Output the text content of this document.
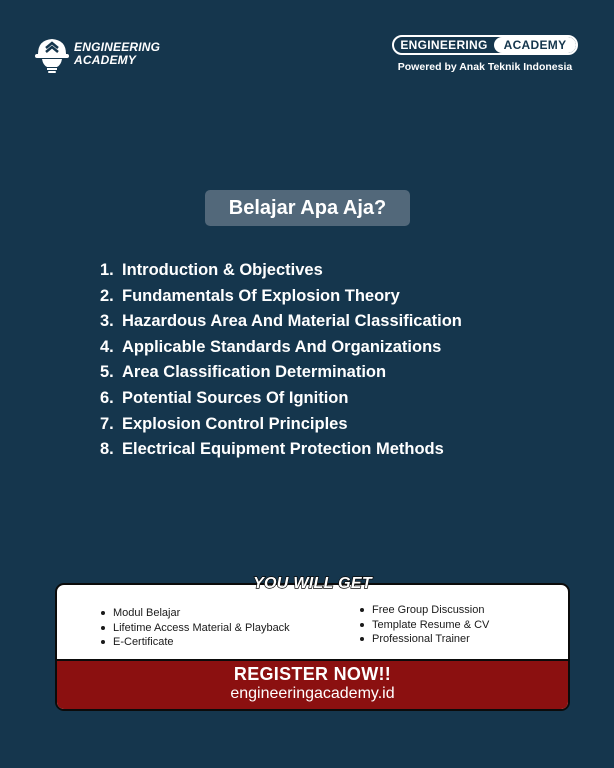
ENGINEERING
ACADEMY
ENGINEERING	ACADEMY
Powered by Anak Teknik Indonesia
Belajar Apa Aja?
1. Introduction & Objectives
2. Fundamentals Of Explosion Theory
3. Hazardous Area And Material Classification
4. Applicable Standards And Organizations
5. Area Classification Determination
6. Potential Sources Of Ignition
7. Explosion Control Principles
8. Electrical Equipment Protection Methods
Modul Belajar
Lifetime Access Material & Playback
E-Certificate
Free Group Discussion
Template Resume & CV
Professional Trainer
REGISTER NOW!!
engineeringacademy.id
YOU WILL GET
